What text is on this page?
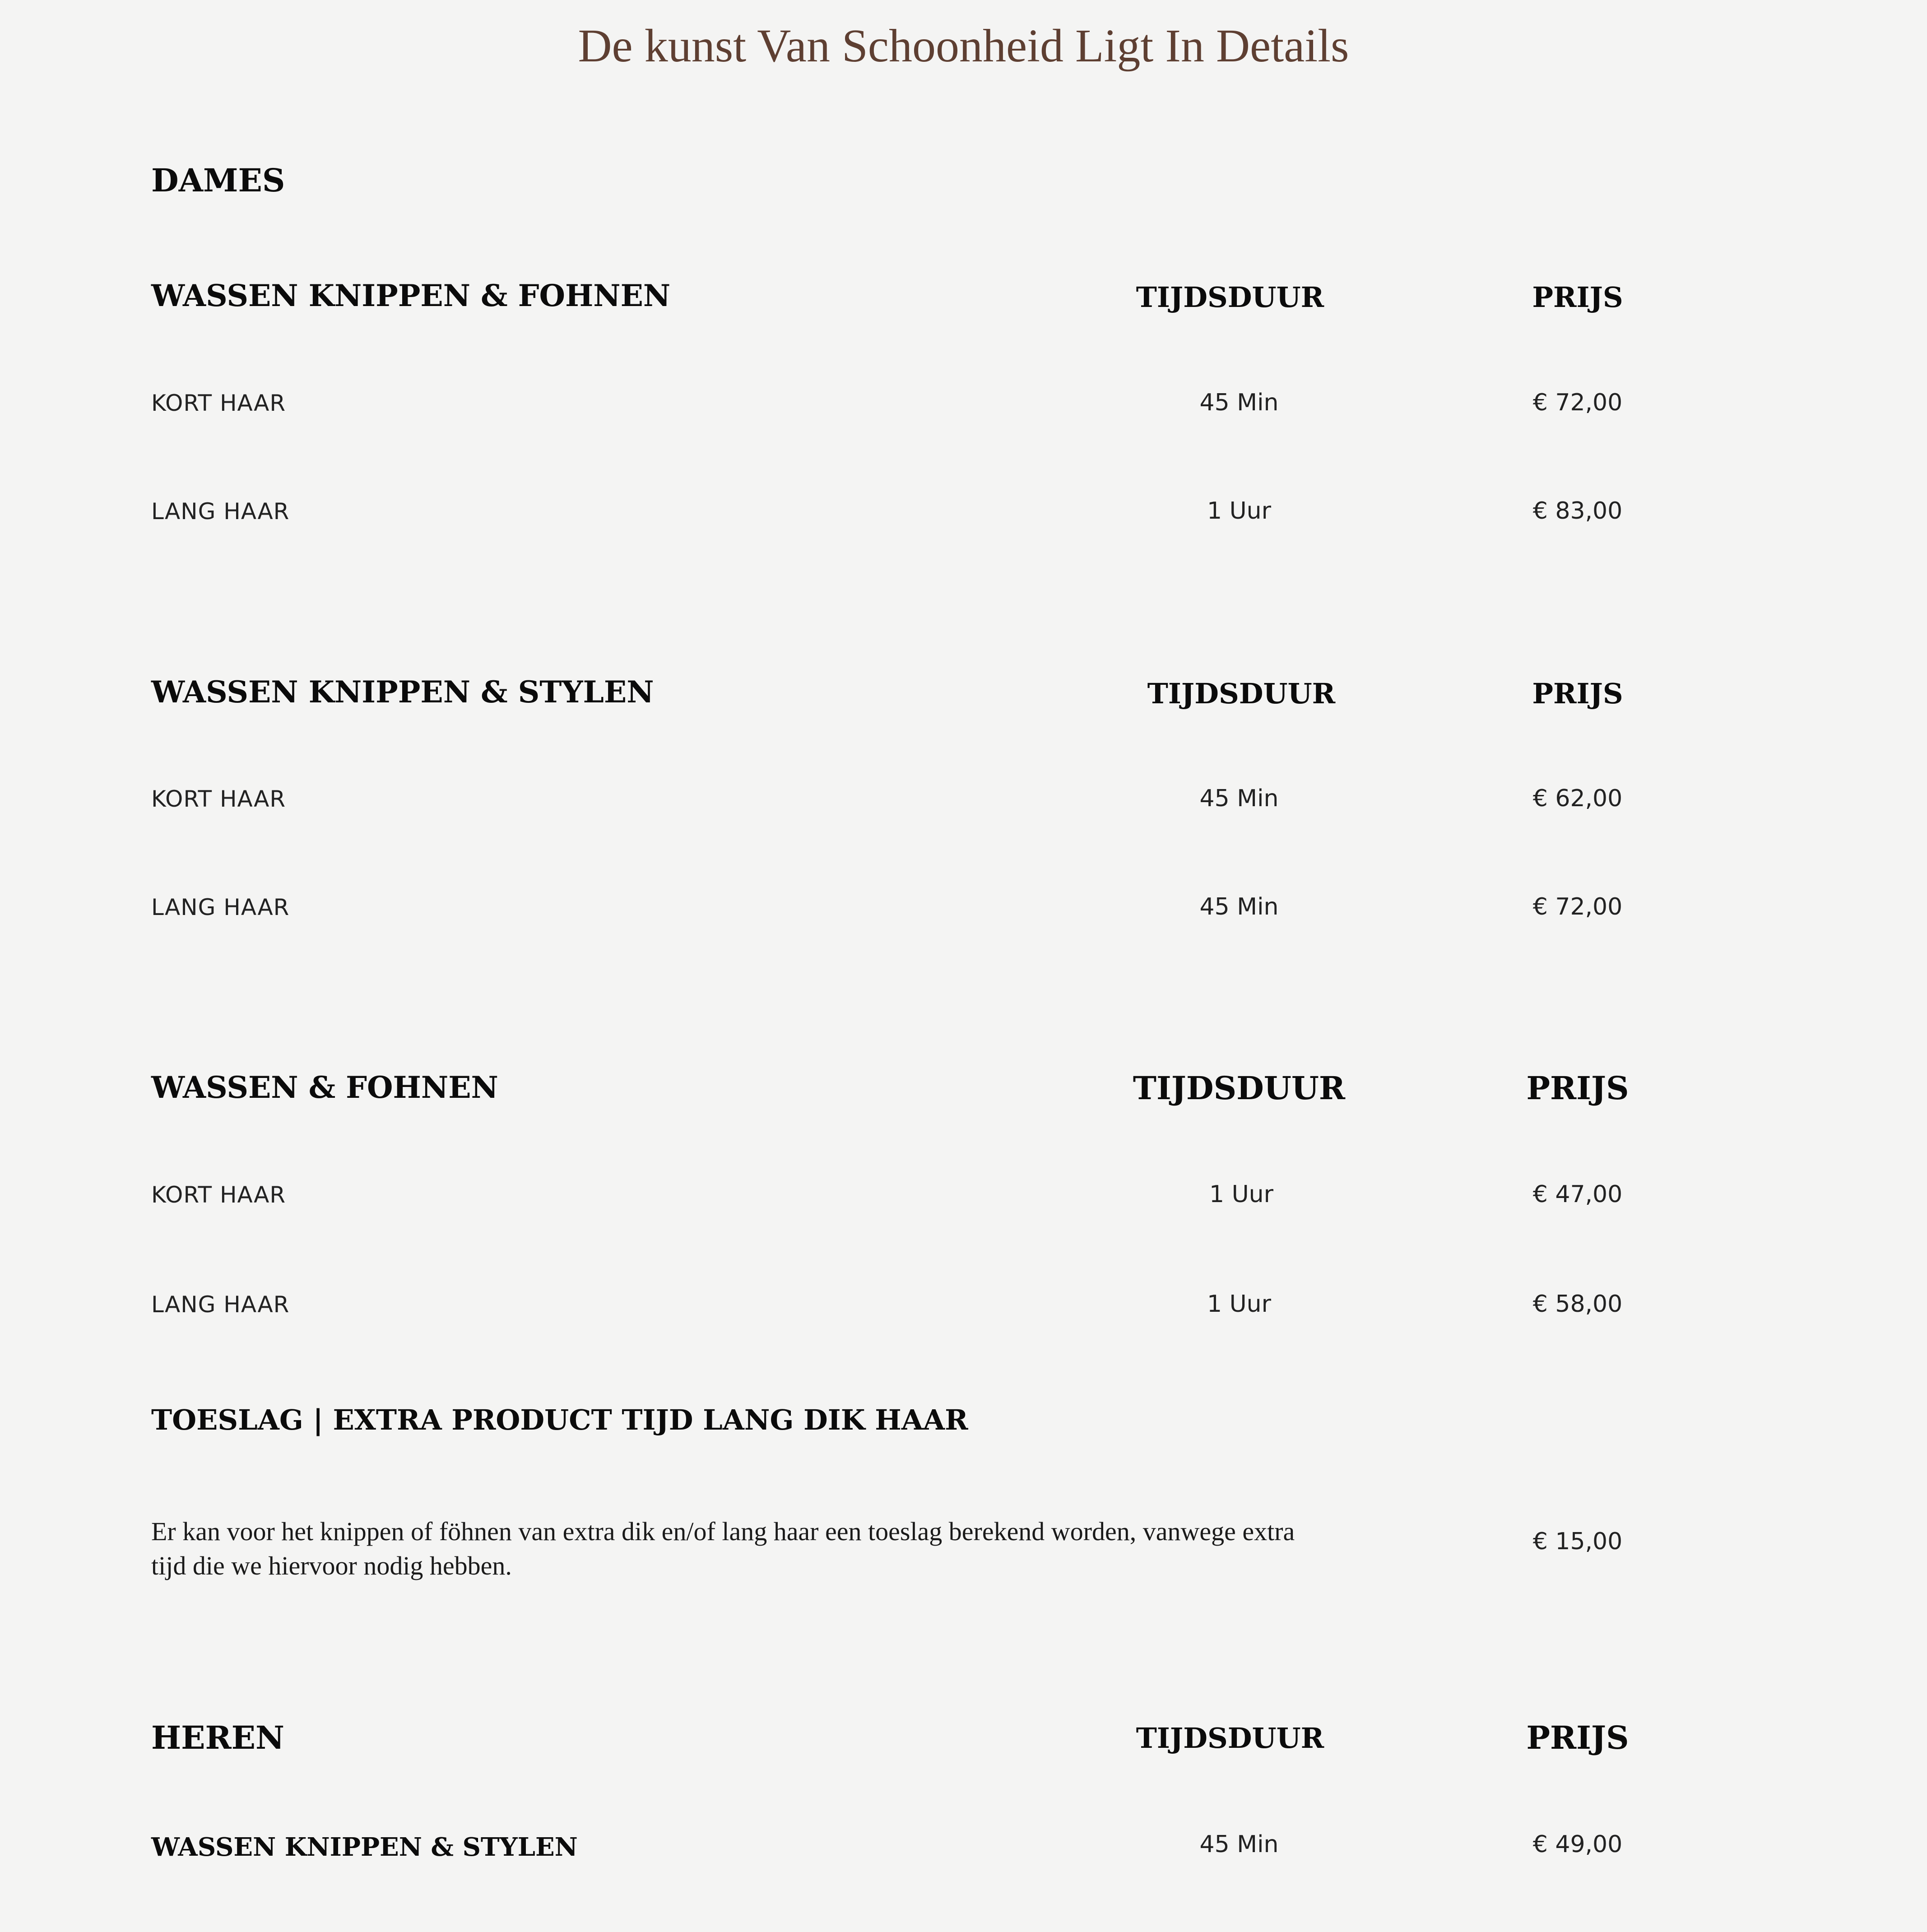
De kunst Van Schoonheid Ligt In Details
DAMES
WASSEN KNIPPEN & FOHNEN	TIJDSDUUR	PRIJS
KORT HAAR	45 Min	€ 72,00
LANG HAAR	1 Uur	€ 83,00
WASSEN KNIPPEN & STYLEN	TIJDSDUUR	PRIJS
KORT HAAR	45 Min	€ 62,00
LANG HAAR	45 Min	€ 72,00
WASSEN & FOHNEN	TIJDSDUUR	PRIJS
KORT HAAR	1 Uur	€ 47,00
LANG HAAR	1 Uur	€ 58,00
TOESLAG | EXTRA PRODUCT TIJD LANG DIK HAAR
Er kan voor het knippen of föhnen van extra dik en/of lang haar een toeslag berekend worden, vanwege extra tijd die we hiervoor nodig hebben.
€ 15,00
HEREN	TIJDSDUUR	PRIJS
WASSEN KNIPPEN & STYLEN	45 Min	€ 49,00
